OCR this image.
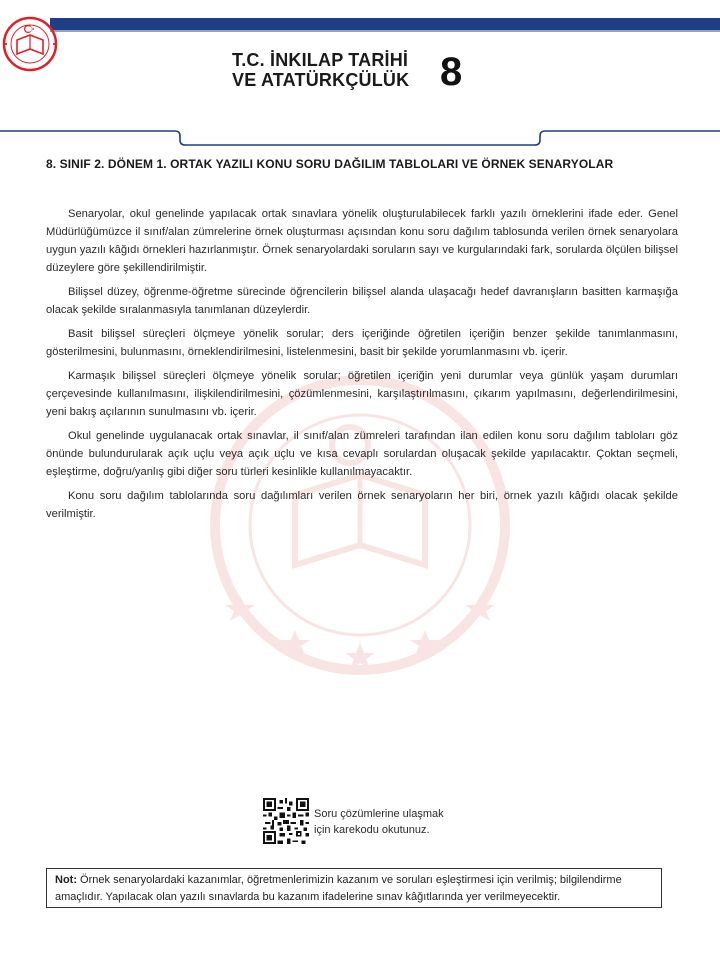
T.C. İNKILAP TARİHİ
VE ATATÜRKÇÜLÜK 8
8. SINIF 2. DÖNEM 1. ORTAK YAZILI KONU SORU DAĞILIM TABLOLARI VE ÖRNEK SENARYOLAR

Senaryolar, okul genelinde yapılacak ortak sınavlara yönelik oluşturulabilecek farklı yazılı örneklerini ifade eder. Genel Müdürlüğümüzce il sınıf/alan zümrelerine örnek oluşturması açısından konu soru dağılım tablosunda verilen örnek senaryolara uygun yazılı kâğıdı örnekleri hazırlanmıştır. Örnek senaryolardaki soruların sayı ve kurgularındaki fark, sorularda ölçülen bilişsel düzeylere göre şekillendirilmiştir.

Bilişsel düzey, öğrenme-öğretme sürecinde öğrencilerin bilişsel alanda ulaşacağı hedef davranışların basitten karmaşığa olacak şekilde sıralanmasıyla tanımlanan düzeylerdir.

Basit bilişsel süreçleri ölçmeye yönelik sorular; ders içeriğinde öğretilen içeriğin benzer şekilde tanımlanmasını, gösterilmesini, bulunmasını, örneklendirilmesini, listelenmesini, basit bir şekilde yorumlanmasını vb. içerir.

Karmaşık bilişsel süreçleri ölçmeye yönelik sorular; öğretilen içeriğin yeni durumlar veya günlük yaşam durumları çerçevesinde kullanılmasını, ilişkilendirilmesini, çözümlenmesini, karşılaştırılmasını, çıkarım yapılmasını, değerlendirilmesini, yeni bakış açılarının sunulmasını vb. içerir.

Okul genelinde uygulanacak ortak sınavlar, il sınıf/alan zümreleri tarafından ilan edilen konu soru dağılım tabloları göz önünde bulundurularak açık uçlu veya açık uçlu ve kısa cevaplı sorulardan oluşacak şekilde yapılacaktır. Çoktan seçmeli, eşleştirme, doğru/yanlış gibi diğer soru türleri kesinlikle kullanılmayacaktır.

Konu soru dağılım tablolarında soru dağılımları verilen örnek senaryoların her biri, örnek yazılı kâğıdı olacak şekilde verilmiştir.

Soru çözümlerine ulaşmak
için karekodu okutunuz.
Not: Örnek senaryolardaki kazanımlar, öğretmenlerimizin kazanım ve soruları eşleştirmesi için verilmiş; bilgilendirme amaçlıdır. Yapılacak olan yazılı sınavlarda bu kazanım ifadelerine sınav kâğıtlarında yer verilmeyecektir.
